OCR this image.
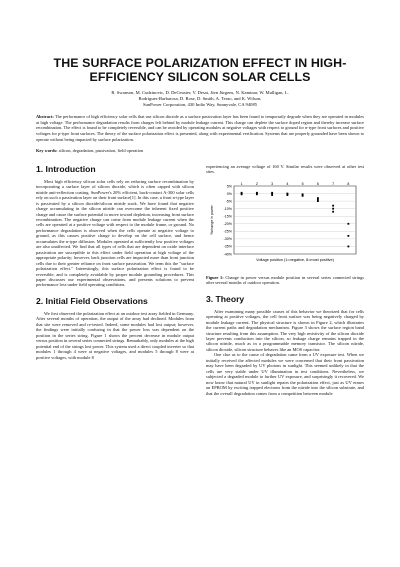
THE SURFACE POLARIZATION EFFECT IN HIGH-
EFFICIENCY SILICON SOLAR CELLS
R. Swanson, M. Cudzinovic, D. DeCeuster, V. Desai, Jörn Jürgens, N. Kaminar, W. Mulligan, L.
Rodrigues-Barbarosa, D. Rose, D. Smith, A. Terao, and K. Wilson,
SunPower Corporation, 430 Indio Way, Sunnyvale, CA 94085
Abstract: The performance of high efficiency solar cells that use silicon dioxide as a surface passivation layer has been found to temporarily degrade when they are operated in modules at high voltage. The performance degradation results from charges left behind by module leakage current. This charge can deplete the surface doped region and thereby increase surface recombination. The effect is found to be completely reversible, and can be avoided by operating modules at negative voltages with respect to ground for n-type front surfaces and positive voltages for p-type front surfaces. The theory of the surface polarization effect is presented, along with experimental verification. Systems that are properly grounded have been shown to operate without being impacted by surface polarization.
Key words: silicon, degradation, passivation, field operation
1. Introduction

Most high efficiency silicon solar cells rely on reducing surface recombination by incorporating a surface layer of silicon dioxide, which is often capped with silicon nitride anti-reflection coating. SunPower's 20% efficient, back-contact A-300 solar cells rely on such a passivation layer on their front surface[1]. In this case, a front n-type layer is passivated by a silicon dioxide/silicon nitride stack. We have found that negative charge accumulating in the silicon nitride can overcome the inherent fixed positive charge and cause the surface potential to move toward depletion, increasing front surface recombination. The negative charge can come from module leakage current when the cells are operated at a positive voltage with respect to the module frame, or ground. No performance degradation is observed when the cells operate at negative voltage to ground, as this causes positive charge to develop on the cell surface, and hence accumulates the n-type diffusion. Modules operated at sufficiently low positive voltages are also unaffected. We find that all types of cells that are dependent on oxide interface passivation are susceptible to this effect under field operation at high voltage of the appropriate polarity; however, back junction cells are impacted more than front junction cells due to their greater reliance on front surface passivation. We term this the "surface polarization effect." Interestingly, this surface polarization effect is found to be reversible, and is completely avoidable by proper module grounding procedures. This paper discusses our experimental observations, and presents solutions to prevent performance loss under field operating conditions.

2. Initial Field Observations

We first observed the polarization effect at an outdoor test array fielded in Germany. After several months of operation, the output of the array had declined. Modules from that site were removed and re-tested. Indeed, some modules had lost output; however, the findings were initially confusing in that the power loss was dependent on the position in the series string. Figure 1 shows the percent decrease in module output versus position in several series connected strings. Remarkably, only modules at the high potential end of the strings lost power. This system used a direct coupled inverter so that modules 1 through 4 were at negative voltages, and modules 5 through 8 were at positive voltages, with module 8

experiencing an average voltage of 160 V. Similar results were observed at other test sites.

5%
0%
-5%
-10%
-15%
-20%
-25%
-30%
-35%
-40%
1	2	3	4	5	6	7	8
Voltage position (1=negative, 8=most positive)
%change in power
Figure 1: Change in power versus module position in several series connected strings after several months of outdoor operation.
3. Theory

After examining many possible causes of this behavior we theorized that for cells operating at positive voltages, the cell front surface was being negatively charged by module leakage current. The physical structure is shown in Figure 2, which illustrates the current paths and degradation mechanism. Figure 3 shows the surface region band structure resulting from this assumption. The very high resistivity of the silicon dioxide layer prevents conduction into the silicon, so leakage charge remains trapped in the silicon nitride, much as in a programmable memory transistor. The silicon nitride, silicon dioxide, silicon structure behaves like an MOS capacitor.

One clue as to the cause of degradation came from a UV exposure test. When we initially received the affected modules we were concerned that their front passivation may have been degraded by UV photons in sunlight. This seemed unlikely in that the cells are very stable under UV illumination in test conditions. Nevertheless, we subjected a degraded module to further UV exposure, and surprisingly it recovered. We now know that natural UV in sunlight repairs the polarization effect, just as UV erases an EPROM by exciting trapped electrons from the nitride into the silicon substrate, and that the overall degradation comes from a competition between module
